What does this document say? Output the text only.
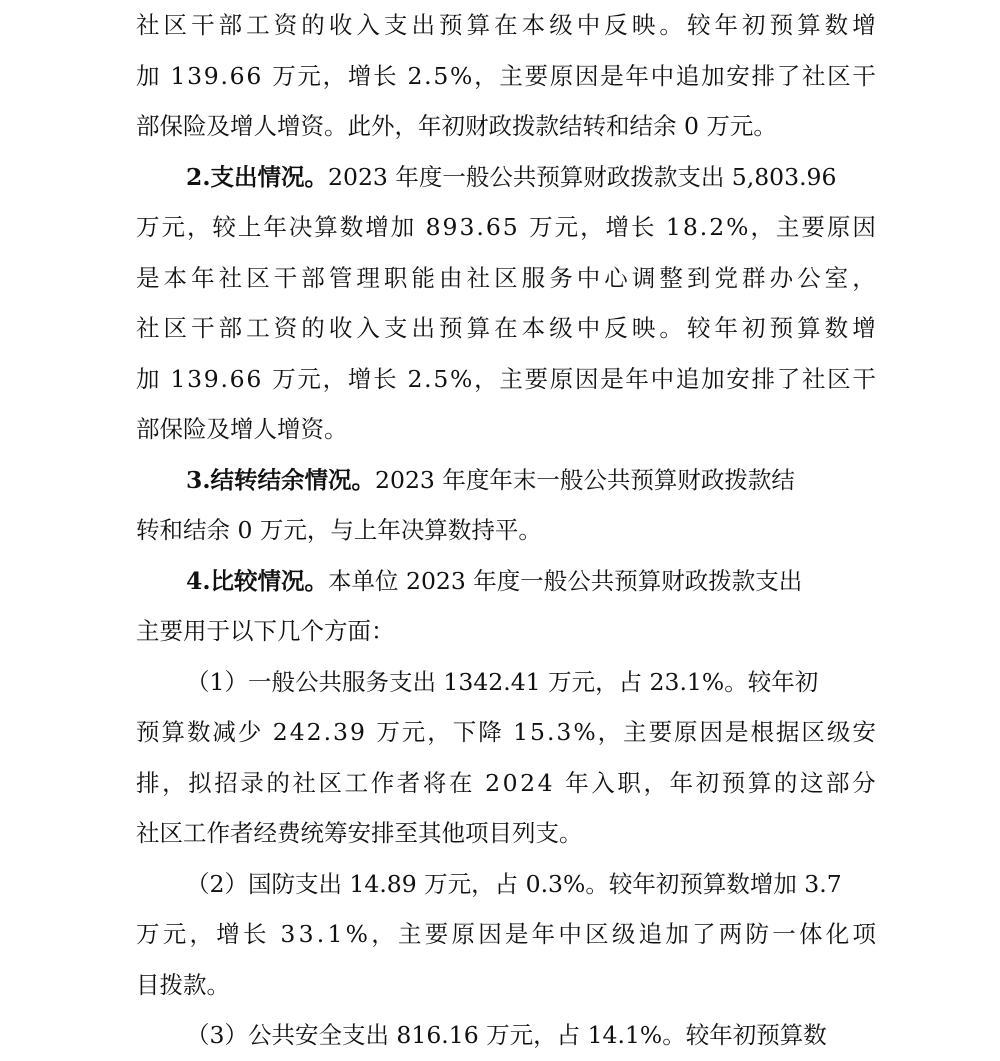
社 区 干 部 工 资 的 收 入 支 出 预 算 在 本 级 中 反 映 。 较 年 初 预 算 数 增
加
1 3 9 . 6 6
万 元 ， 增 长
2 . 5 % ， 主 要 原 因 是 年 中 追 加 安 排 了 社 区 干
部保险及增人增资。此外，年初财政拨款结转和结余 0 万元。
2.支出情况。2023 年度一般公共预算财政拨款支出 5,803.96
万 元 ， 较 上 年 决 算 数 增 加
8 9 3 . 6 5
万 元 ， 增 长
1 8 . 2 % ， 主 要 原 因
是 本 年 社 区 干 部 管 理 职 能 由 社 区 服 务 中 心 调 整 到 党 群 办 公 室 ，
社 区 干 部 工 资 的 收 入 支 出 预 算 在 本 级 中 反 映 。 较 年 初 预 算 数 增
加
1 3 9 . 6 6
万 元 ， 增 长
2 . 5 % ， 主 要 原 因 是 年 中 追 加 安 排 了 社 区 干
部保险及增人增资。
3.结转结余情况。2023 年度年末一般公共预算财政拨款结
转和结余 0 万元，与上年决算数持平。
4.比较情况。本单位 2023 年度一般公共预算财政拨款支出
主要用于以下几个方面：
（1）一般公共服务支出 1342.41 万元，占 23.1%。较年初
预 算 数 减 少
2 4 2 . 3 9
万 元 ， 下 降
1 5 . 3 % ， 主 要 原 因 是 根 据 区 级 安
排 ， 拟 招 录 的 社 区 工 作 者 将 在
2 0 2 4
年 入 职 ， 年 初 预 算 的 这 部 分
社区工作者经费统筹安排至其他项目列支。
（2）国防支出 14.89 万元，占 0.3%。较年初预算数增加 3.7
万 元 ， 增 长
3 3 . 1 % ， 主 要 原 因 是 年 中 区 级 追 加 了 两 防 一 体 化 项
目拨款。
（3）公共安全支出 816.16 万元，占 14.1%。较年初预算数
